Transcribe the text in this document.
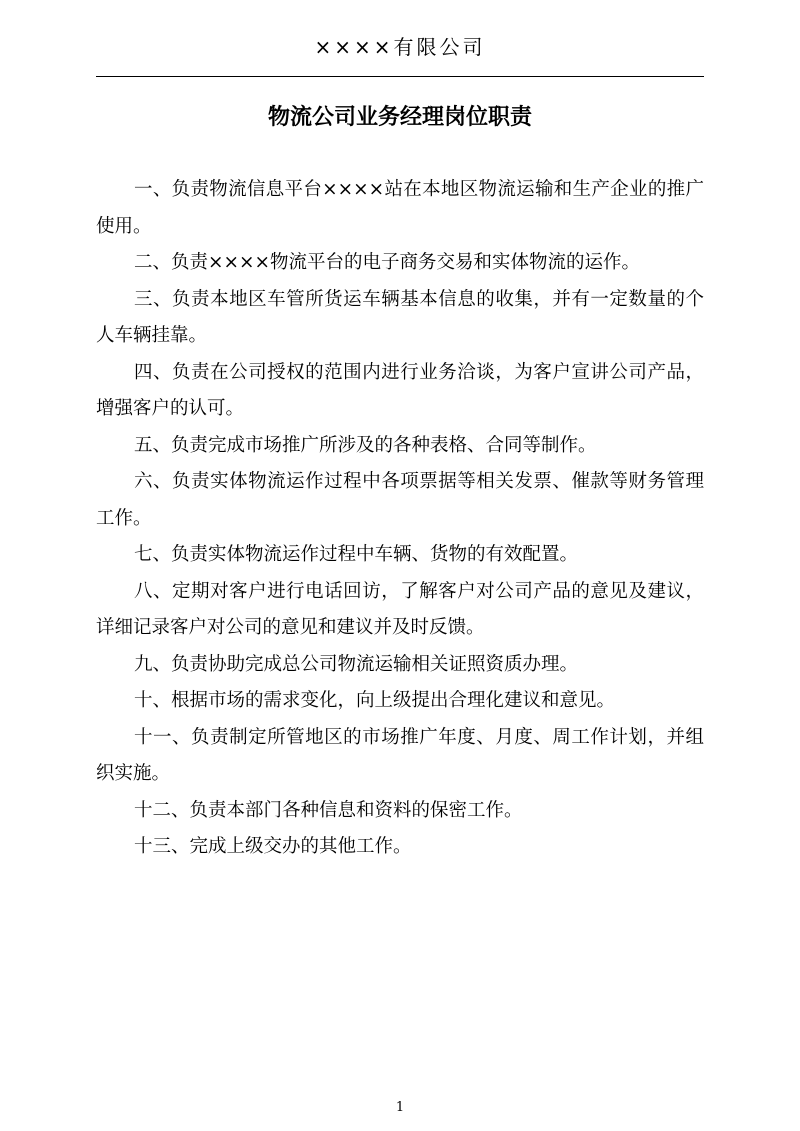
××××有限公司
物流公司业务经理岗位职责
一、负责物流信息平台××××站在本地区物流运输和生产企业的推广使用。
二、负责××××物流平台的电子商务交易和实体物流的运作。
三、负责本地区车管所货运车辆基本信息的收集，并有一定数量的个人车辆挂靠。
四、负责在公司授权的范围内进行业务洽谈，为客户宣讲公司产品，增强客户的认可。
五、负责完成市场推广所涉及的各种表格、合同等制作。
六、负责实体物流运作过程中各项票据等相关发票、催款等财务管理工作。
七、负责实体物流运作过程中车辆、货物的有效配置。
八、定期对客户进行电话回访，了解客户对公司产品的意见及建议，详细记录客户对公司的意见和建议并及时反馈。
九、负责协助完成总公司物流运输相关证照资质办理。
十、根据市场的需求变化，向上级提出合理化建议和意见。
十一、负责制定所管地区的市场推广年度、月度、周工作计划，并组织实施。
十二、负责本部门各种信息和资料的保密工作。
十三、完成上级交办的其他工作。
1
